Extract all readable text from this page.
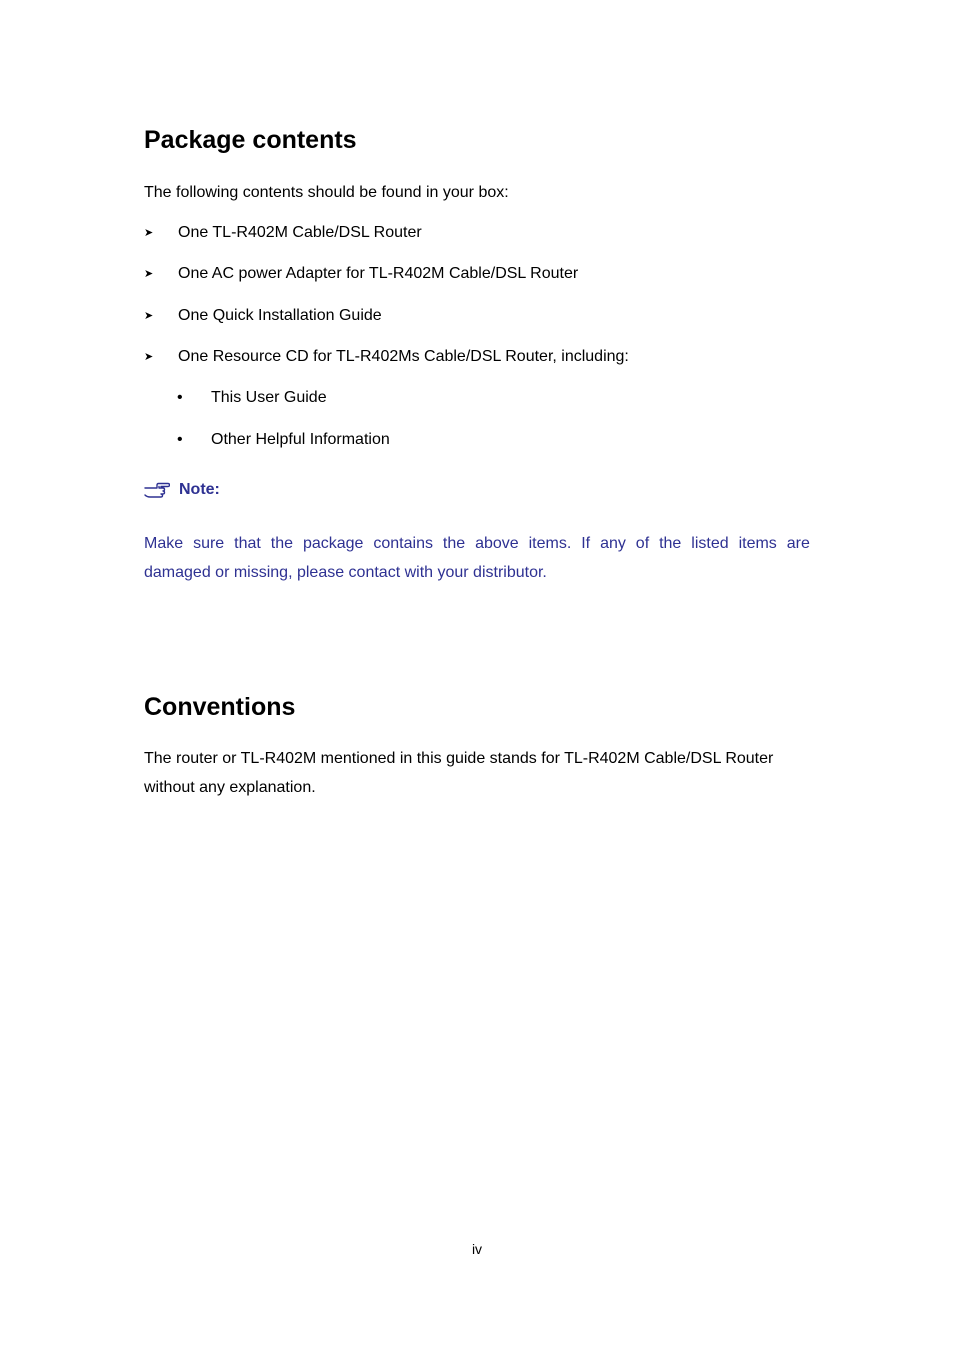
Package contents

The following contents should be found in your box:

➤ One TL-R402M Cable/DSL Router
➤ One AC power Adapter for TL-R402M Cable/DSL Router
➤ One Quick Installation Guide
➤ One Resource CD for TL-R402Ms Cable/DSL Router, including:
• This User Guide
• Other Helpful Information
Note:
Make sure that the package contains the above items. If any of the listed items are
damaged or missing, please contact with your distributor.
Conventions
The router or TL-R402M mentioned in this guide stands for TL-R402M Cable/DSL Router
without any explanation.
iv
